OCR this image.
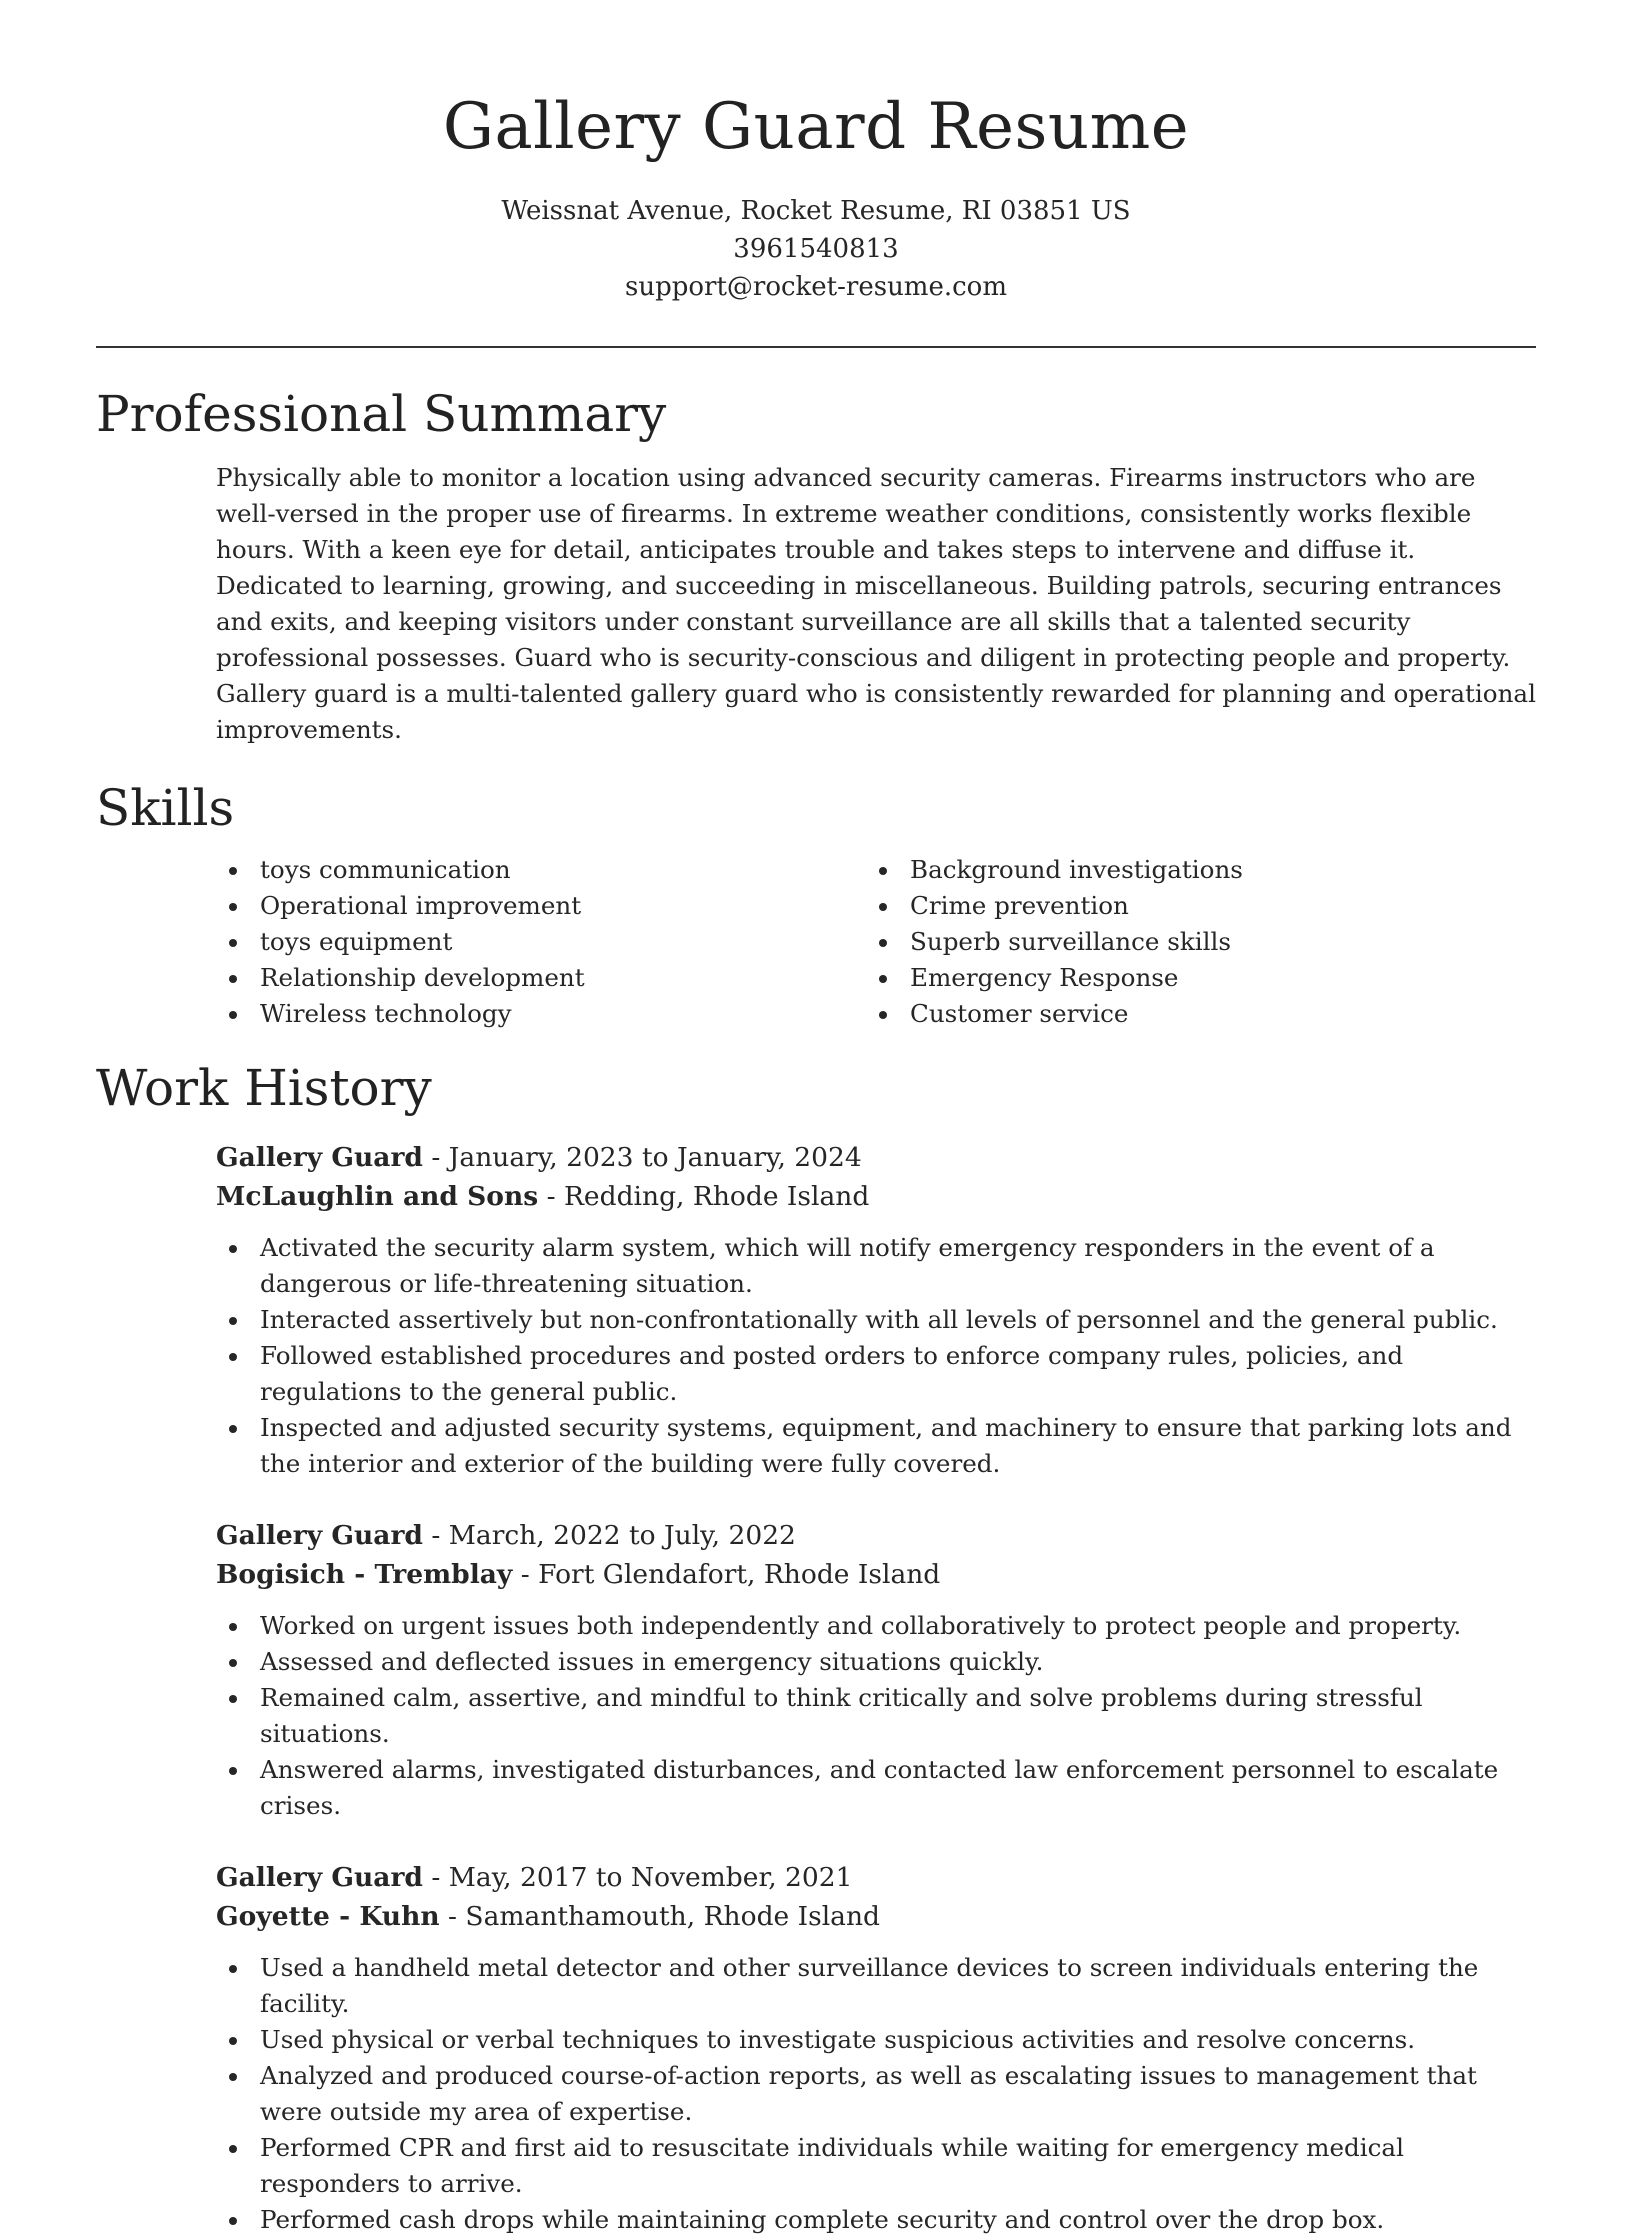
Gallery Guard Resume
Weissnat Avenue, Rocket Resume, RI 03851 US
3961540813
support@rocket-resume.com
Professional Summary

Physically able to monitor a location using advanced security cameras. Firearms instructors who are well-versed in the proper use of firearms. In extreme weather conditions, consistently works flexible hours. With a keen eye for detail, anticipates trouble and takes steps to intervene and diffuse it. Dedicated to learning, growing, and succeeding in miscellaneous. Building patrols, securing entrances and exits, and keeping visitors under constant surveillance are all skills that a talented security professional possesses. Guard who is security-conscious and diligent in protecting people and property. Gallery guard is a multi-talented gallery guard who is consistently rewarded for planning and operational improvements.

Skills
toys communication
Operational improvement
toys equipment
Relationship development
Wireless technology
Background investigations
Crime prevention
Superb surveillance skills
Emergency Response
Customer service
Work History
Gallery Guard - January, 2023 to January, 2024
McLaughlin and Sons - Redding, Rhode Island
Activated the security alarm system, which will notify emergency responders in the event of a dangerous or life-threatening situation.
Interacted assertively but non-confrontationally with all levels of personnel and the general public.
Followed established procedures and posted orders to enforce company rules, policies, and regulations to the general public.
Inspected and adjusted security systems, equipment, and machinery to ensure that parking lots and the interior and exterior of the building were fully covered.
Gallery Guard - March, 2022 to July, 2022
Bogisich - Tremblay - Fort Glendafort, Rhode Island
Worked on urgent issues both independently and collaboratively to protect people and property.
Assessed and deflected issues in emergency situations quickly.
Remained calm, assertive, and mindful to think critically and solve problems during stressful situations.
Answered alarms, investigated disturbances, and contacted law enforcement personnel to escalate crises.
Gallery Guard - May, 2017 to November, 2021
Goyette - Kuhn - Samanthamouth, Rhode Island
Used a handheld metal detector and other surveillance devices to screen individuals entering the facility.
Used physical or verbal techniques to investigate suspicious activities and resolve concerns.
Analyzed and produced course-of-action reports, as well as escalating issues to management that were outside my area of expertise.
Performed CPR and first aid to resuscitate individuals while waiting for emergency medical responders to arrive.
Performed cash drops while maintaining complete security and control over the drop box.
